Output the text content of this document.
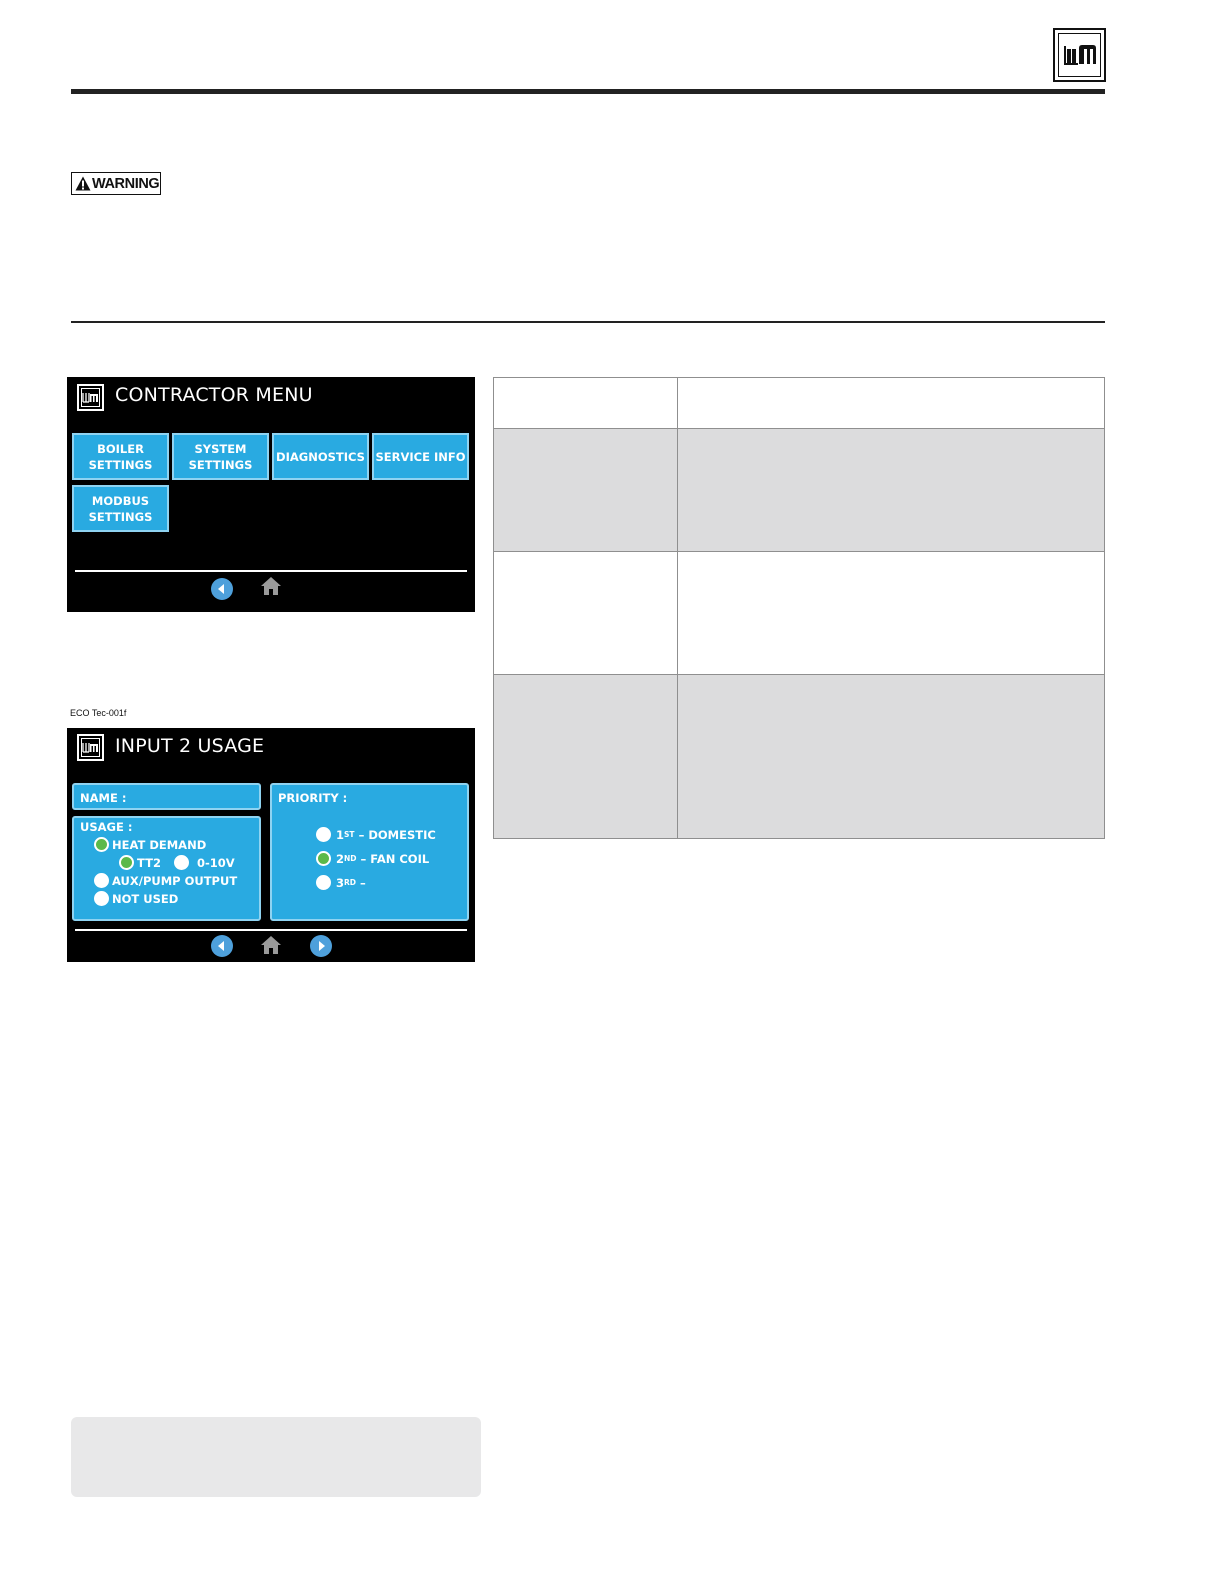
WARNING
CONTRACTOR MENU
BOILER
SETTINGS
SYSTEM
SETTINGS
DIAGNOSTICS SERVICE INFO
MODBUS
SETTINGS
ECO Tec-001f
INPUT 2 USAGE
NAME :
USAGE :
HEAT DEMAND
TT2	0-10V
AUX/PUMP OUTPUT
NOT USED
PRIORITY :
1 ST
– DOMESTIC
2 ND
– FAN COIL
3 RD
–
